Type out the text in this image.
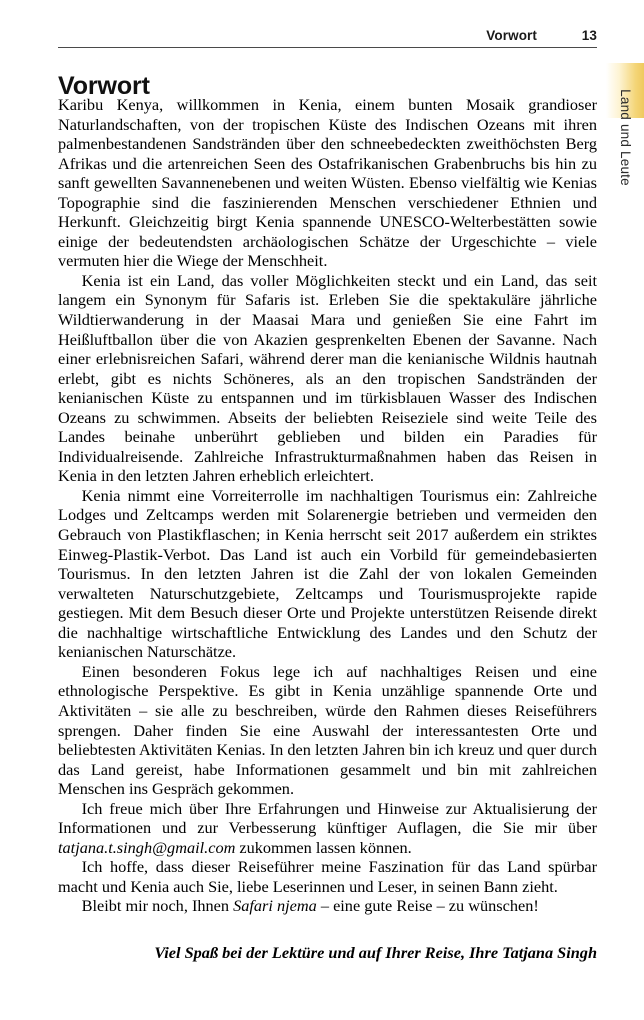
Vorwort	13
Vorwort

Karibu Kenya, willkommen in Kenia, einem bunten Mosaik grandioser Naturlandschaften, von der tropischen Küste des Indischen Ozeans mit ihren palmenbestandenen Sandstränden über den schneebedeckten zweithöchsten Berg Afrikas und die artenreichen Seen des Ostafrikanischen Grabenbruchs bis hin zu sanft gewellten Savannenebenen und weiten Wüsten. Ebenso vielfältig wie Kenias Topographie sind die faszinierenden Menschen verschiedener Ethnien und Herkunft. Gleichzeitig birgt Kenia spannende UNESCO-Welterbestätten sowie einige der bedeutendsten archäologischen Schätze der Urgeschichte – viele vermuten hier die Wiege der Menschheit.

Kenia ist ein Land, das voller Möglichkeiten steckt und ein Land, das seit langem ein Synonym für Safaris ist. Erleben Sie die spektakuläre jährliche Wildtierwanderung in der Maasai Mara und genießen Sie eine Fahrt im Heißluftballon über die von Akazien gesprenkelten Ebenen der Savanne. Nach einer erlebnisreichen Safari, während derer man die kenianische Wildnis hautnah erlebt, gibt es nichts Schöneres, als an den tropischen Sandstränden der kenianischen Küste zu entspannen und im türkisblauen Wasser des Indischen Ozeans zu schwimmen. Abseits der beliebten Reiseziele sind weite Teile des Landes beinahe unberührt geblieben und bilden ein Paradies für Individualreisende. Zahlreiche Infrastrukturmaßnahmen haben das Reisen in Kenia in den letzten Jahren erheblich erleichtert.

Kenia nimmt eine Vorreiterrolle im nachhaltigen Tourismus ein: Zahlreiche Lodges und Zeltcamps werden mit Solarenergie betrieben und vermeiden den Gebrauch von Plastikflaschen; in Kenia herrscht seit 2017 außerdem ein striktes Einweg-Plastik-Verbot. Das Land ist auch ein Vorbild für gemeindebasierten Tourismus. In den letzten Jahren ist die Zahl der von lokalen Gemeinden verwalteten Naturschutzgebiete, Zeltcamps und Tourismusprojekte rapide gestiegen. Mit dem Besuch dieser Orte und Projekte unterstützen Reisende direkt die nachhaltige wirtschaftliche Entwicklung des Landes und den Schutz der kenianischen Naturschätze.

Einen besonderen Fokus lege ich auf nachhaltiges Reisen und eine ethnologische Perspektive. Es gibt in Kenia unzählige spannende Orte und Aktivitäten – sie alle zu beschreiben, würde den Rahmen dieses Reiseführers sprengen. Daher finden Sie eine Auswahl der interessantesten Orte und beliebtesten Aktivitäten Kenias. In den letzten Jahren bin ich kreuz und quer durch das Land gereist, habe Informationen gesammelt und bin mit zahlreichen Menschen ins Gespräch gekommen.

Ich freue mich über Ihre Erfahrungen und Hinweise zur Aktualisierung der Informationen und zur Verbesserung künftiger Auflagen, die Sie mir über tatjana.t.singh@gmail.com zukommen lassen können.

Ich hoffe, dass dieser Reiseführer meine Faszination für das Land spürbar macht und Kenia auch Sie, liebe Leserinnen und Leser, in seinen Bann zieht.

Bleibt mir noch, Ihnen Safari njema – eine gute Reise – zu wünschen!

Viel Spaß bei der Lektüre und auf Ihrer Reise, Ihre Tatjana Singh
Land und Leute
